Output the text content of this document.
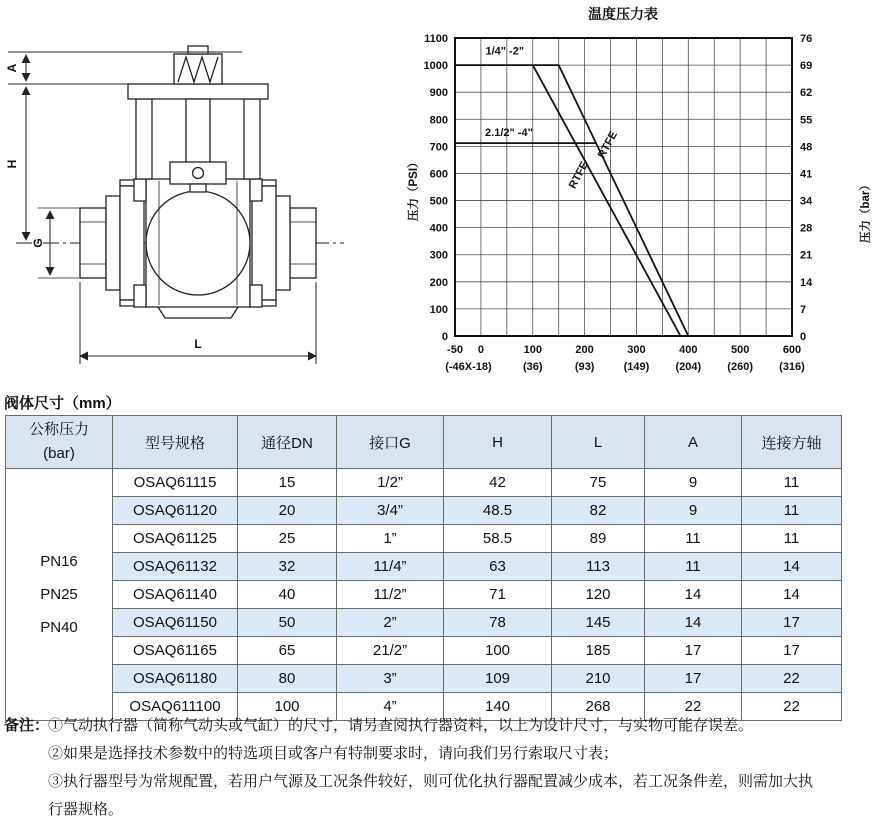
A
H
G
L
温度压力表
压力（PSI）	压力（bar）
0	0
100	7
200	14
300	21
400	28
500	34
600	41
700	48
800	55
900	62
1000	69
1100	76
-50 0	100	200	300	400	500	600
(-46X-18)	(36)	(93)	(149) (204) (260) (316)
1/4" -2"
2.1/2" -4"	RTFE
RTFE
阀体尺寸（mm）
公称压力
(bar)	型号规格	通径DN	接口G	H	L	A	连接方轴

PN16
PN25
PN40	OSAQ61115	15	1/2”	42	75	9	11
	OSAQ61120	20	3/4”	48.5	82	9	11
	OSAQ61125	25	1”	58.5	89	11	11
	OSAQ61132	32	11/4”	63	113	11	14
	OSAQ61140	40	11/2”	71	120	14	14
	OSAQ61150	50	2”	78	145	14	17
	OSAQ61165	65	21/2”	100	185	17	17
	OSAQ61180	80	3”	109	210	17	22
	OSAQ611100	100	4”	140	268	22	22
备注：
①气动执行器（简称气动头或气缸）的尺寸，请另查阅执行器资料，以上为设计尺寸，与实物可能存误差。
②如果是选择技术参数中的特选项目或客户有特制要求时，请向我们另行索取尺寸表；
③执行器型号为常规配置，若用户气源及工况条件较好，则可优化执行器配置减少成本，若工况条件差，则需加大执行器规格。
